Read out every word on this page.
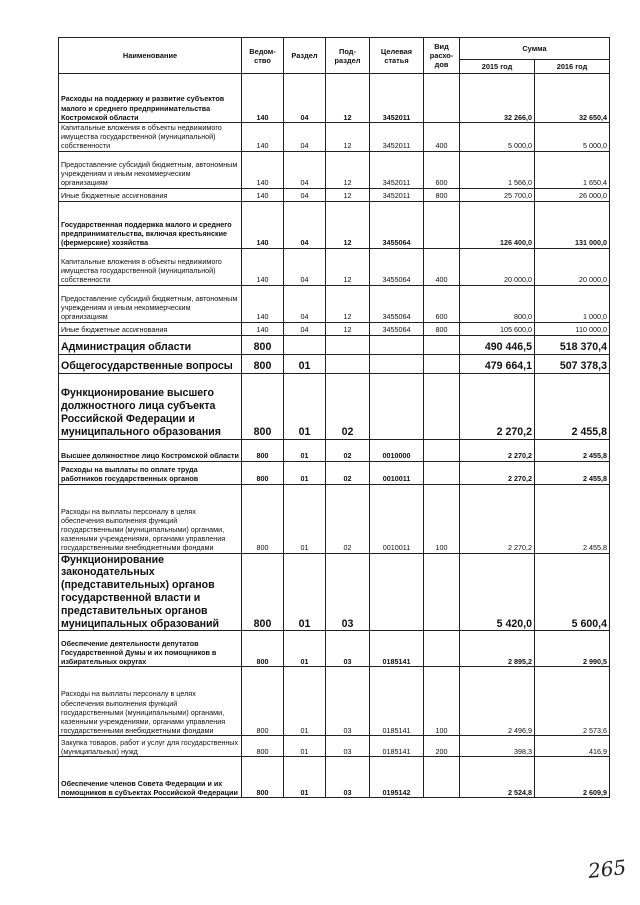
Наименование	Ведом-ство	Раздел	Под-раздел	Целевая статья	Вид расхо-дов	Сумма	
						2015 год	2016 год
Расходы на поддержку и развитие субъектов малого и среднего предпринимательства Костромской области	140	04	12	3452011		32 266,0	32 650,4
Капитальные вложения в объекты недвижимого имущества государственной (муниципальной) собственности	140	04	12	3452011	400	5 000,0	5 000,0
Предоставление субсидий бюджетным, автономным учреждениям и иным некоммерческим организациям	140	04	12	3452011	600	1 566,0	1 650,4
Иные бюджетные ассигнования	140	04	12	3452011	800	25 700,0	26 000,0
Государственная поддержка малого и среднего предпринимательства, включая крестьянские (фермерские) хозяйства	140	04	12	3455064		126 400,0	131 000,0
Капитальные вложения в объекты недвижимого имущества государственной (муниципальной) собственности	140	04	12	3455064	400	20 000,0	20 000,0
Предоставление субсидий бюджетным, автономным учреждениям и иным некоммерческим организациям	140	04	12	3455064	600	800,0	1 000,0
Иные бюджетные ассигнования	140	04	12	3455064	800	105 600,0	110 000,0
Администрация области	800					490 446,5	518 370,4
Общегосударственные вопросы	800	01				479 664,1	507 378,3
Функционирование высшего должностного лица субъекта Российской Федерации и муниципального образования	800	01	02			2 270,2	2 455,8
Высшее должностное лицо Костромской области	800	01	02	0010000		2 270,2	2 455,8
Расходы на выплаты по оплате труда работников государственных органов	800	01	02	0010011		2 270,2	2 455,8
Расходы на выплаты персоналу в целях обеспечения выполнения функций государственными (муниципальными) органами, казенными учреждениями, органами управления государственными внебюджетными фондами	800	01	02	0010011	100	2 270,2	2 455,8
Функционирование законодательных (представительных) органов государственной власти и представительных органов муниципальных образований	800	01	03			5 420,0	5 600,4
Обеспечение деятельности депутатов Государственной Думы и их помощников в избирательных округах	800	01	03	0185141		2 895,2	2 990,5
Расходы на выплаты персоналу в целях обеспечения выполнения функций государственными (муниципальными) органами, казенными учреждениями, органами управления государственными внебюджетными фондами	800	01	03	0185141	100	2 496,9	2 573,6
Закупка товаров, работ и услуг для государственных (муниципальных) нужд	800	01	03	0185141	200	398,3	416,9
Обеспечение членов Совета Федерации и их помощников в субъектах Российской Федерации	800	01	03	0195142		2 524,8	2 609,9
265
